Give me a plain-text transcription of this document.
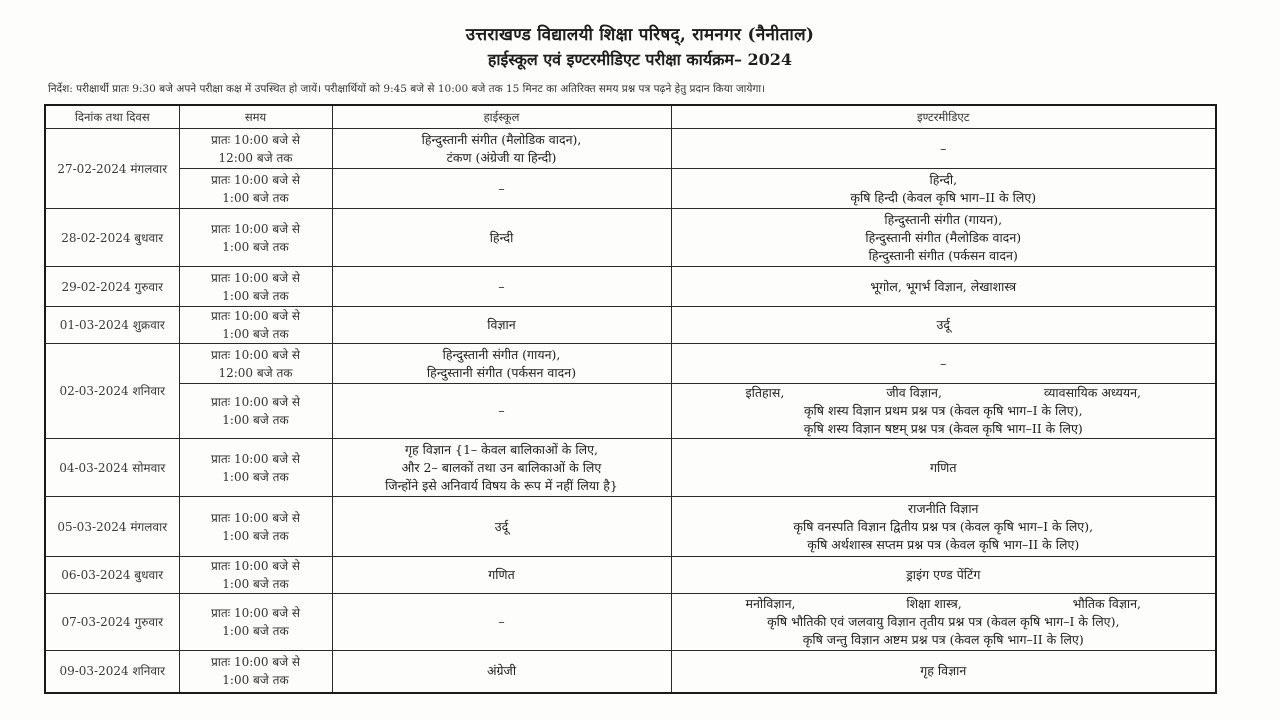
उत्तराखण्ड विद्यालयी शिक्षा परिषद्, रामनगर (नैनीताल)
हाईस्कूल एवं इण्टरमीडिएट परीक्षा कार्यक्रम– 2024
निर्देश: परीक्षार्थी प्रातः 9:30 बजे अपने परीक्षा कक्ष में उपस्थित हो जायें। परीक्षार्थियों को 9:45 बजे से 10:00 बजे तक 15 मिनट का अतिरिक्त समय प्रश्न पत्र पढ़ने हेतु प्रदान किया जायेगा।
दिनांक तथा दिवस	समय	हाईस्कूल	इण्टरमीडिएट
27-02-2024 मंगलवार	प्रातः 10:00 बजे से
12:00 बजे तक	हिन्दुस्तानी संगीत (मैलोडिक वादन),
टंकण (अंग्रेजी या हिन्दी)	–

	प्रातः 10:00 बजे से
1:00 बजे तक	–	हिन्दी,
कृषि हिन्दी (केवल कृषि भाग–II के लिए)

28-02-2024 बुधवार	प्रातः 10:00 बजे से
1:00 बजे तक	हिन्दी	हिन्दुस्तानी संगीत (गायन),
हिन्दुस्तानी संगीत (मैलोडिक वादन)
हिन्दुस्तानी संगीत (पर्कसन वादन)

29-02-2024 गुरुवार	प्रातः 10:00 बजे से
1:00 बजे तक	–	भूगोल, भूगर्भ विज्ञान, लेखाशास्त्र

01-03-2024 शुक्रवार	प्रातः 10:00 बजे से
1:00 बजे तक	विज्ञान	उर्दू

02-03-2024 शनिवार	प्रातः 10:00 बजे से
12:00 बजे तक	हिन्दुस्तानी संगीत (गायन),
हिन्दुस्तानी संगीत (पर्कसन वादन)	–

	प्रातः 10:00 बजे से
1:00 बजे तक	–	इतिहास, जीव विज्ञान, व्यावसायिक अध्ययन,
कृषि शस्य विज्ञान प्रथम प्रश्न पत्र (केवल कृषि भाग–I के लिए),
कृषि शस्य विज्ञान षष्टम् प्रश्न पत्र (केवल कृषि भाग–II के लिए)

04-03-2024 सोमवार	प्रातः 10:00 बजे से
1:00 बजे तक	गृह विज्ञान {1– केवल बालिकाओं के लिए,
और 2– बालकों तथा उन बालिकाओं के लिए
जिन्होंने इसे अनिवार्य विषय के रूप में नहीं लिया है}	गणित

05-03-2024 मंगलवार	प्रातः 10:00 बजे से
1:00 बजे तक	उर्दू	राजनीति विज्ञान
कृषि वनस्पति विज्ञान द्वितीय प्रश्न पत्र (केवल कृषि भाग–I के लिए),
कृषि अर्थशास्त्र सप्तम प्रश्न पत्र (केवल कृषि भाग–II के लिए)

06-03-2024 बुधवार	प्रातः 10:00 बजे से
1:00 बजे तक	गणित	ड्राइंग एण्ड पेंटिंग

07-03-2024 गुरुवार	प्रातः 10:00 बजे से
1:00 बजे तक	–	मनोविज्ञान, शिक्षा शास्त्र, भौतिक विज्ञान,
कृषि भौतिकी एवं जलवायु विज्ञान तृतीय प्रश्न पत्र (केवल कृषि भाग–I के लिए),
कृषि जन्तु विज्ञान अष्टम प्रश्न पत्र (केवल कृषि भाग–II के लिए)

09-03-2024 शनिवार	प्रातः 10:00 बजे से
1:00 बजे तक	अंग्रेजी	गृह विज्ञान
